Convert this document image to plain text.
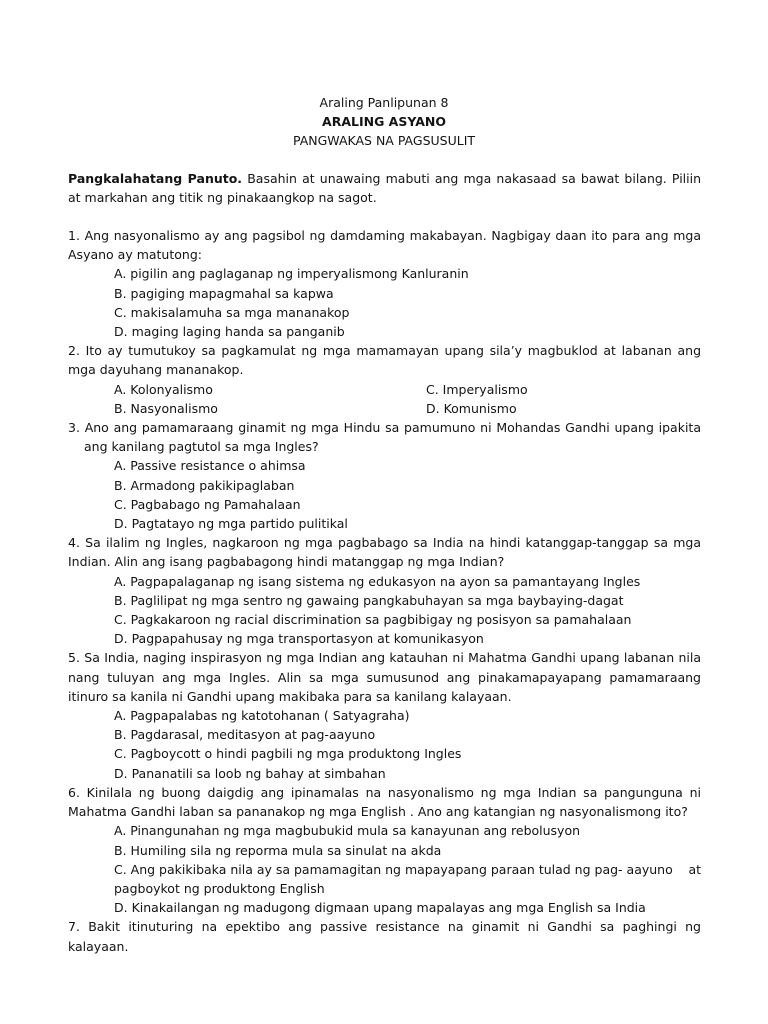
Araling Panlipunan 8
ARALING ASYANO
PANGWAKAS NA PAGSUSULIT
Pangkalahatang Panuto. Basahin at unawaing mabuti ang mga nakasaad sa bawat bilang. Piliin at markahan ang titik ng pinakaangkop na sagot.
1. Ang nasyonalismo ay ang pagsibol ng damdaming makabayan. Nagbigay daan ito para ang mga Asyano ay matutong:
A. pigilin ang paglaganap ng imperyalismong Kanluranin
B. pagiging mapagmahal sa kapwa
C. makisalamuha sa mga mananakop
D. maging laging handa sa panganib
2. Ito ay tumutukoy sa pagkamulat ng mga mamamayan upang sila’y magbuklod at labanan ang mga dayuhang mananakop.
A. Kolonyalismo	C. Imperyalismo
B. Nasyonalismo	D. Komunismo
3. Ano ang pamamaraang ginamit ng mga Hindu sa pamumuno ni Mohandas Gandhi upang ipakita ang kanilang pagtutol sa mga Ingles?
A. Passive resistance o ahimsa
B. Armadong pakikipaglaban
C. Pagbabago ng Pamahalaan
D. Pagtatayo ng mga partido pulitikal
4. Sa ilalim ng Ingles, nagkaroon ng mga pagbabago sa India na hindi katanggap-tanggap sa mga Indian. Alin ang isang pagbabagong hindi matanggap ng mga Indian?
A. Pagpapalaganap ng isang sistema ng edukasyon na ayon sa pamantayang Ingles
B. Paglilipat ng mga sentro ng gawaing pangkabuhayan sa mga baybaying-dagat
C. Pagkakaroon ng racial discrimination sa pagbibigay ng posisyon sa pamahalaan
D. Pagpapahusay ng mga transportasyon at komunikasyon
5. Sa India, naging inspirasyon ng mga Indian ang katauhan ni Mahatma Gandhi upang labanan nila nang tuluyan ang mga Ingles. Alin sa mga sumusunod ang pinakamapayapang pamamaraang itinuro sa kanila ni Gandhi upang makibaka para sa kanilang kalayaan.
A. Pagpapalabas ng katotohanan ( Satyagraha)
B. Pagdarasal, meditasyon at pag-aayuno
C. Pagboycott o hindi pagbili ng mga produktong Ingles
D. Pananatili sa loob ng bahay at simbahan
6. Kinilala ng buong daigdig ang ipinamalas na nasyonalismo ng mga Indian sa pangunguna ni Mahatma Gandhi laban sa pananakop ng mga English . Ano ang katangian ng nasyonalismong ito?
A. Pinangunahan ng mga magbubukid mula sa kanayunan ang rebolusyon
B. Humiling sila ng reporma mula sa sinulat na akda
C. Ang pakikibaka nila ay sa pamamagitan ng mapayapang paraan tulad ng pag- aayuno at
pagboykot ng produktong English
D. Kinakailangan ng madugong digmaan upang mapalayas ang mga English sa India
7. Bakit itinuturing na epektibo ang passive resistance na ginamit ni Gandhi sa paghingi ng kalayaan.
